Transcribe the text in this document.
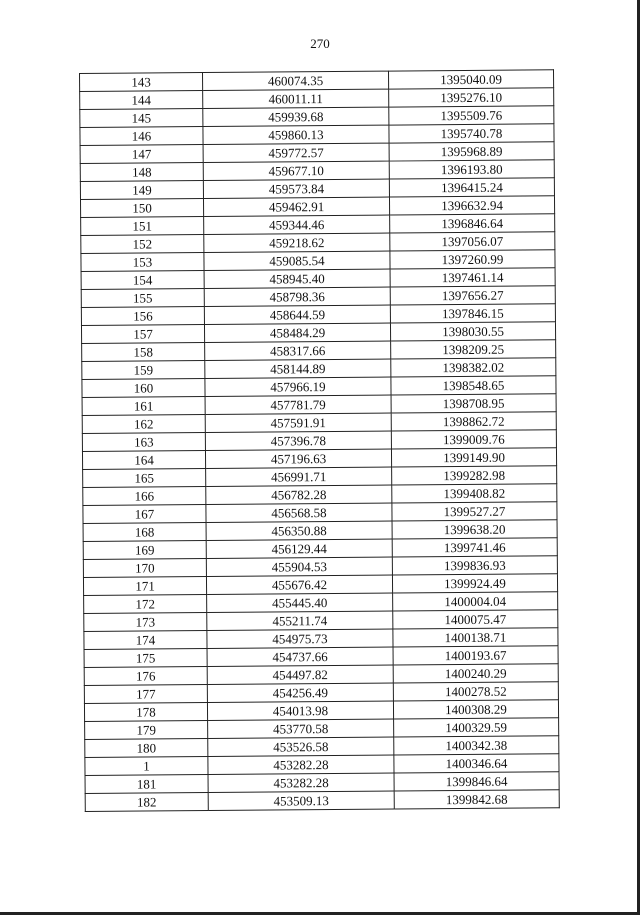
270
143	460074.35	1395040.09
144	460011.11	1395276.10
145	459939.68	1395509.76
146	459860.13	1395740.78
147	459772.57	1395968.89
148	459677.10	1396193.80
149	459573.84	1396415.24
150	459462.91	1396632.94
151	459344.46	1396846.64
152	459218.62	1397056.07
153	459085.54	1397260.99
154	458945.40	1397461.14
155	458798.36	1397656.27
156	458644.59	1397846.15
157	458484.29	1398030.55
158	458317.66	1398209.25
159	458144.89	1398382.02
160	457966.19	1398548.65
161	457781.79	1398708.95
162	457591.91	1398862.72
163	457396.78	1399009.76
164	457196.63	1399149.90
165	456991.71	1399282.98
166	456782.28	1399408.82
167	456568.58	1399527.27
168	456350.88	1399638.20
169	456129.44	1399741.46
170	455904.53	1399836.93
171	455676.42	1399924.49
172	455445.40	1400004.04
173	455211.74	1400075.47
174	454975.73	1400138.71
175	454737.66	1400193.67
176	454497.82	1400240.29
177	454256.49	1400278.52
178	454013.98	1400308.29
179	453770.58	1400329.59
180	453526.58	1400342.38
1	453282.28	1400346.64
181	453282.28	1399846.64
182	453509.13	1399842.68
